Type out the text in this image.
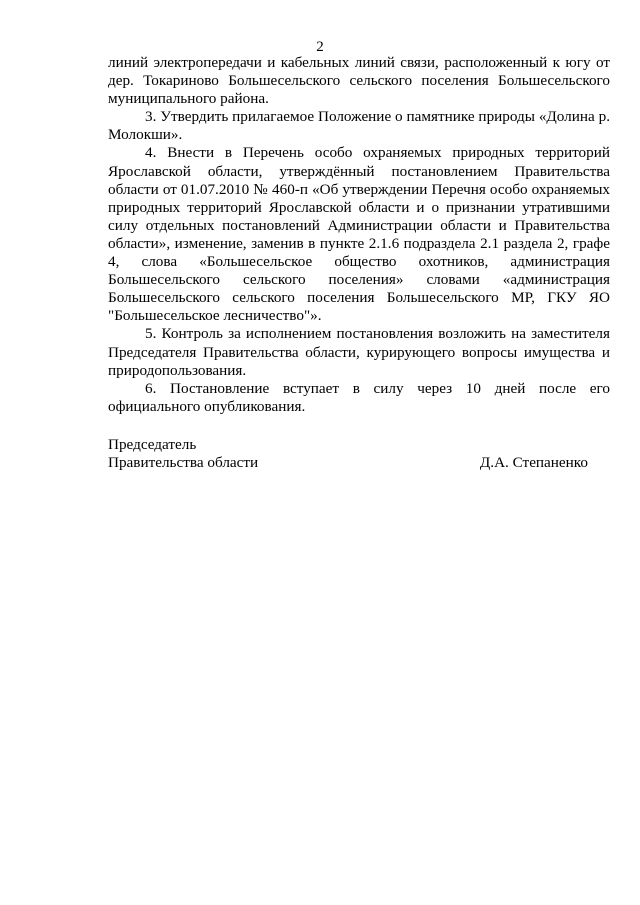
2

линий электропередачи и кабельных линий связи, расположенный к югу от дер. Токариново Большесельского сельского поселения Большесельского муниципального района.

3. Утвердить прилагаемое Положение о памятнике природы «Долина р. Молокши».

4. Внести в Перечень особо охраняемых природных территорий Ярославской области, утверждённый постановлением Правительства области от 01.07.2010 № 460-п «Об утверждении Перечня особо охраняемых природных территорий Ярославской области и о признании утратившими силу отдельных постановлений Администрации области и Правительства области», изменение, заменив в пункте 2.1.6 подраздела 2.1 раздела 2, графе 4, слова «Большесельское общество охотников, администрация Большесельского сельского поселения» словами «администрация Большесельского сельского поселения Большесельского МР, ГКУ ЯО "Большесельское лесничество"».

5. Контроль за исполнением постановления возложить на заместителя Председателя Правительства области, курирующего вопросы имущества и природопользования.

6. Постановление вступает в силу через 10 дней после его официального опубликования.

Председатель
Правительства области	Д.А. Степаненко
